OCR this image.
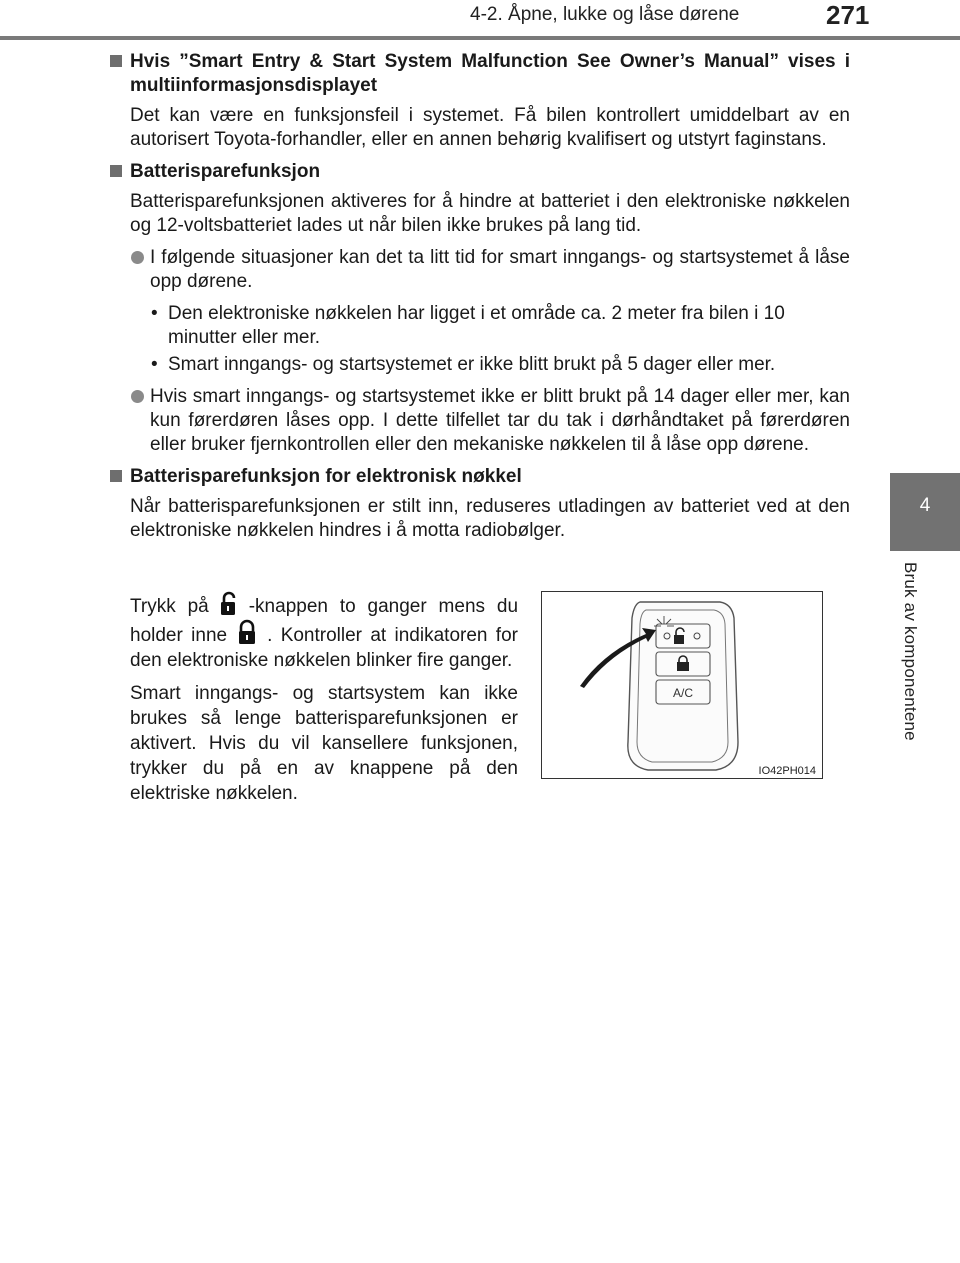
4-2. Åpne, lukke og låse dørene	271
4
Bruk av komponentene
Hvis ”Smart Entry & Start System Malfunction See Owner’s Manual” vises i multiinformasjonsdisplayet
Det kan være en funksjonsfeil i systemet. Få bilen kontrollert umiddelbart av en autorisert Toyota-forhandler, eller en annen behørig kvalifisert og utstyrt faginstans.
Batterisparefunksjon
Batterisparefunksjonen aktiveres for å hindre at batteriet i den elektroniske nøkkelen og 12-voltsbatteriet lades ut når bilen ikke brukes på lang tid.
I følgende situasjoner kan det ta litt tid for smart inngangs- og startsystemet å låse opp dørene.
• Den elektroniske nøkkelen har ligget i et område ca. 2 meter fra bilen i 10 minutter eller mer.
• Smart inngangs- og startsystemet er ikke blitt brukt på 5 dager eller mer.
Hvis smart inngangs- og startsystemet ikke er blitt brukt på 14 dager eller mer, kan kun førerdøren låses opp. I dette tilfellet tar du tak i dørhåndtaket på førerdøren eller bruker fjernkontrollen eller den mekaniske nøkkelen til å låse opp dørene.
Batterisparefunksjon for elektronisk nøkkel
Når batterisparefunksjonen er stilt inn, reduseres utladingen av batteriet ved at den elektroniske nøkkelen hindres i å motta radiobølger.

Trykk på -knappen to ganger mens du holder inne . Kontroller at indikatoren for den elektroniske nøkkelen blinker fire ganger.

Smart inngangs- og startsystem kan ikke brukes så lenge batterisparefunksjonen er aktivert. Hvis du vil kansellere funksjonen, trykker du på en av knappene på den elektriske nøkkelen.

A/C
IO42PH014
